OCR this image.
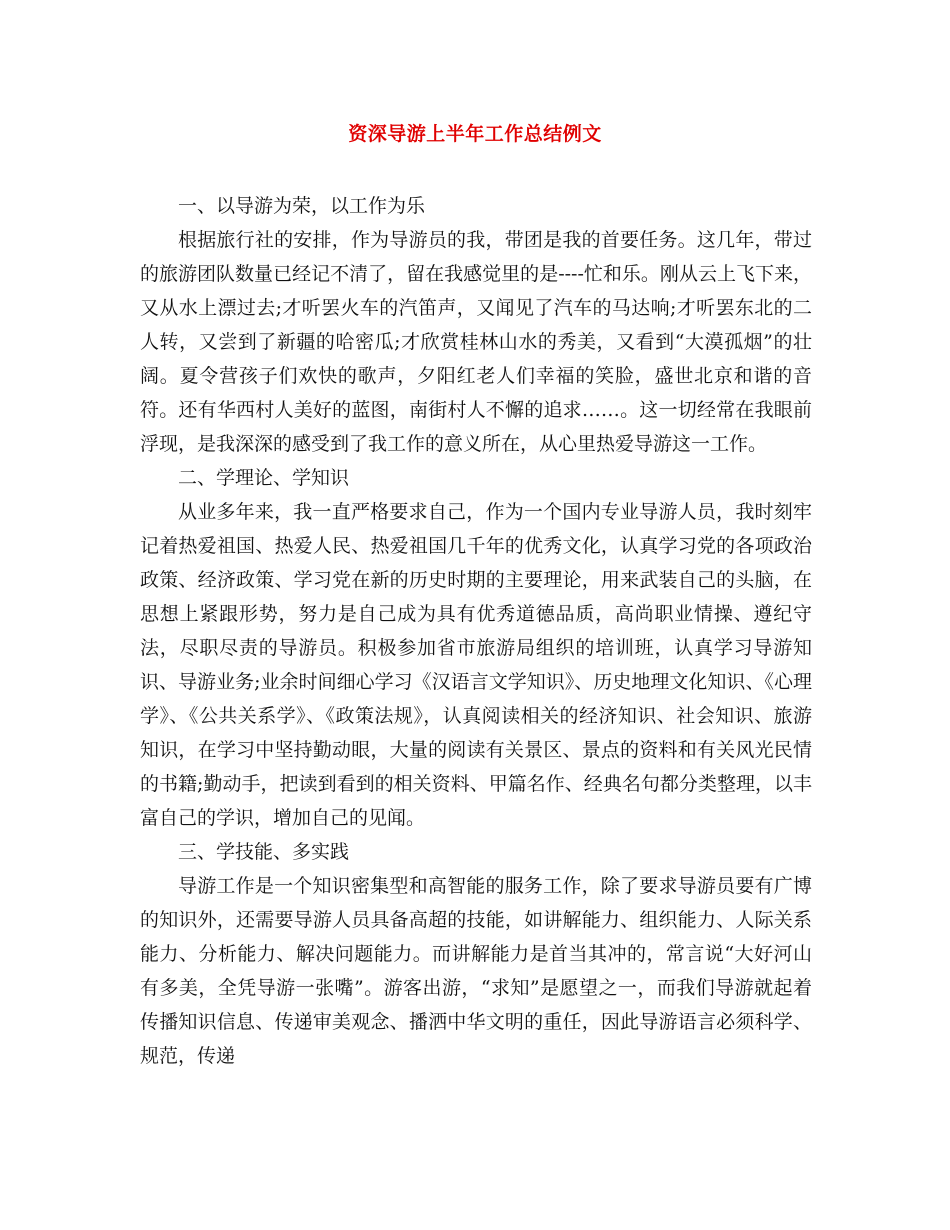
资深导游上半年工作总结例文

一、以导游为荣，以工作为乐

根据旅行社的安排，作为导游员的我，带团是我的首要任务。这几年，带过的旅游团队数量已经记不清了，留在我感觉里的是----忙和乐。刚从云上飞下来，又从水上漂过去;才听罢火车的汽笛声，又闻见了汽车的马达响;才听罢东北的二人转，又尝到了新疆的哈密瓜;才欣赏桂林山水的秀美，又看到“大漠孤烟”的壮阔。夏令营孩子们欢快的歌声，夕阳红老人们幸福的笑脸，盛世北京和谐的音符。还有华西村人美好的蓝图，南街村人不懈的追求……。这一切经常在我眼前浮现，是我深深的感受到了我工作的意义所在，从心里热爱导游这一工作。

二、学理论、学知识

从业多年来，我一直严格要求自己，作为一个国内专业导游人员，我时刻牢记着热爱祖国、热爱人民、热爱祖国几千年的优秀文化，认真学习党的各项政治政策、经济政策、学习党在新的历史时期的主要理论，用来武装自己的头脑，在思想上紧跟形势，努力是自己成为具有优秀道德品质，高尚职业情操、遵纪守法，尽职尽责的导游员。积极参加省市旅游局组织的培训班，认真学习导游知识、导游业务;业余时间细心学习《汉语言文学知识》、历史地理文化知识、《心理学》、《公共关系学》、《政策法规》，认真阅读相关的经济知识、社会知识、旅游知识，在学习中坚持勤动眼，大量的阅读有关景区、景点的资料和有关风光民情的书籍;勤动手，把读到看到的相关资料、甲篇名作、经典名句都分类整理，以丰富自己的学识，增加自己的见闻。

三、学技能、多实践

导游工作是一个知识密集型和高智能的服务工作，除了要求导游员要有广博的知识外，还需要导游人员具备高超的技能，如讲解能力、组织能力、人际关系能力、分析能力、解决问题能力。而讲解能力是首当其冲的，常言说“大好河山有多美，全凭导游一张嘴”。游客出游，“求知”是愿望之一，而我们导游就起着传播知识信息、传递审美观念、播洒中华文明的重任，因此导游语言必须科学、规范，传递
